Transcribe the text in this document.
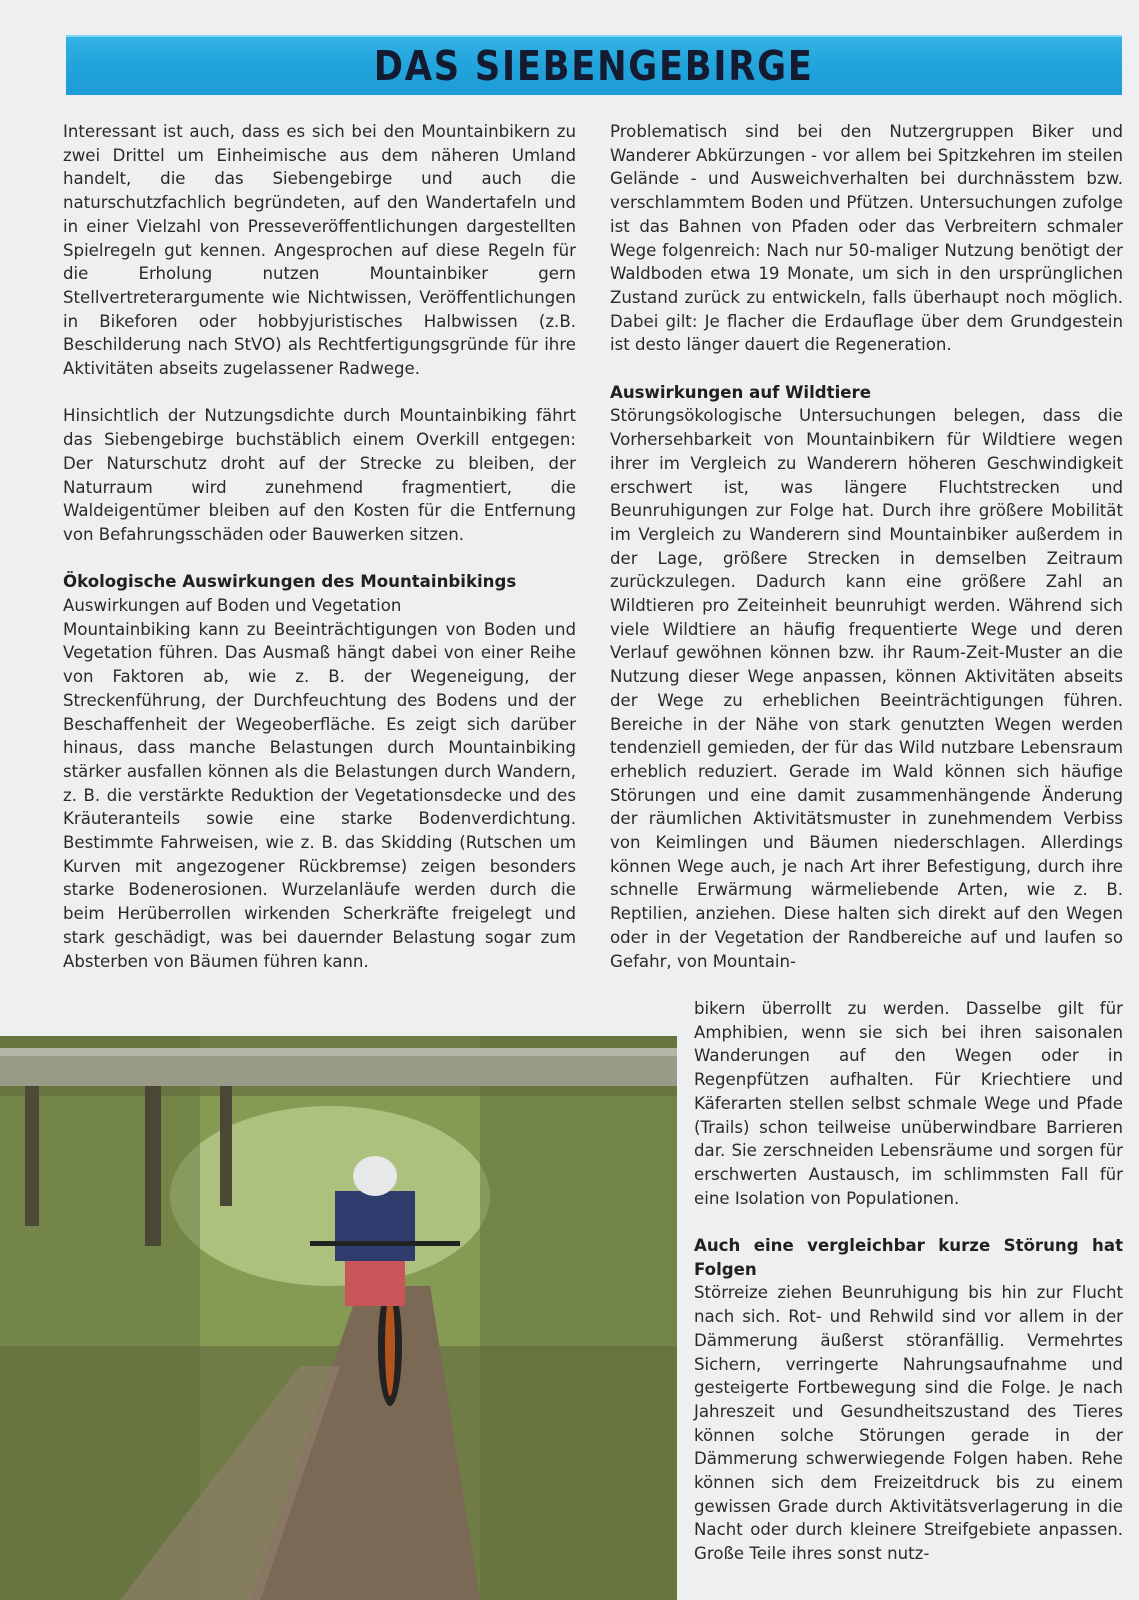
DAS SIEBENGEBIRGE

Interessant ist auch, dass es sich bei den Mountainbikern zu zwei Drittel um Einheimische aus dem näheren Umland handelt, die das Siebengebirge und auch die naturschutzfachlich begründeten, auf den Wandertafeln und in einer Vielzahl von Presseveröffentlichungen dargestellten Spielregeln gut kennen. Angesprochen auf diese Regeln für die Erholung nutzen Mountainbiker gern Stellvertreterargumente wie Nichtwissen, Veröffentlichungen in Bikeforen oder hobbyjuristisches Halbwissen (z.B. Beschilderung nach StVO) als Rechtfertigungsgründe für ihre Aktivitäten abseits zugelassener Radwege.

Hinsichtlich der Nutzungsdichte durch Mountainbiking fährt das Siebengebirge buchstäblich einem Overkill entgegen: Der Naturschutz droht auf der Strecke zu bleiben, der Naturraum wird zunehmend fragmentiert, die Waldeigentümer bleiben auf den Kosten für die Entfernung von Befahrungsschäden oder Bauwerken sitzen.

Ökologische Auswirkungen des Mountainbikings

Auswirkungen auf Boden und Vegetation

Mountainbiking kann zu Beeinträchtigungen von Boden und Vegetation führen. Das Ausmaß hängt dabei von einer Reihe von Faktoren ab, wie z. B. der Wegeneigung, der Streckenführung, der Durchfeuchtung des Bodens und der Beschaffenheit der Wegeoberfläche. Es zeigt sich darüber hinaus, dass manche Belastungen durch Mountainbiking stärker ausfallen können als die Belastungen durch Wandern, z. B. die verstärkte Reduktion der Vegetationsdecke und des Kräuteranteils sowie eine starke Bodenverdichtung. Bestimmte Fahrweisen, wie z. B. das Skidding (Rutschen um Kurven mit angezogener Rückbremse) zeigen besonders starke Bodenerosionen. Wurzelanläufe werden durch die beim Herüberrollen wirkenden Scherkräfte freigelegt und stark geschädigt, was bei dauernder Belastung sogar zum Absterben von Bäumen führen kann.

Problematisch sind bei den Nutzergruppen Biker und Wanderer Abkürzungen - vor allem bei Spitzkehren im steilen Gelände - und Ausweichverhalten bei durchnässtem bzw. verschlammtem Boden und Pfützen. Untersuchungen zufolge ist das Bahnen von Pfaden oder das Verbreitern schmaler Wege folgenreich: Nach nur 50-maliger Nutzung benötigt der Waldboden etwa 19 Monate, um sich in den ursprünglichen Zustand zurück zu entwickeln, falls überhaupt noch möglich. Dabei gilt: Je flacher die Erdauflage über dem Grundgestein ist desto länger dauert die Regeneration.

Auswirkungen auf Wildtiere

Störungsökologische Untersuchungen belegen, dass die Vorhersehbarkeit von Mountainbikern für Wildtiere wegen ihrer im Vergleich zu Wanderern höheren Geschwindigkeit erschwert ist, was längere Fluchtstrecken und Beunruhigungen zur Folge hat. Durch ihre größere Mobilität im Vergleich zu Wanderern sind Mountainbiker außerdem in der Lage, größere Strecken in demselben Zeitraum zurückzulegen. Dadurch kann eine größere Zahl an Wildtieren pro Zeiteinheit beunruhigt werden. Während sich viele Wildtiere an häufig frequentierte Wege und deren Verlauf gewöhnen können bzw. ihr Raum-Zeit-Muster an die Nutzung dieser Wege anpassen, können Aktivitäten abseits der Wege zu erheblichen Beeinträchtigungen führen. Bereiche in der Nähe von stark genutzten Wegen werden tendenziell gemieden, der für das Wild nutzbare Lebensraum erheblich reduziert. Gerade im Wald können sich häufige Störungen und eine damit zusammenhängende Änderung der räumlichen Aktivitätsmuster in zunehmendem Verbiss von Keimlingen und Bäumen niederschlagen. Allerdings können Wege auch, je nach Art ihrer Befestigung, durch ihre schnelle Erwärmung wärmeliebende Arten, wie z. B. Reptilien, anziehen. Diese halten sich direkt auf den Wegen oder in der Vegetation der Randbereiche auf und laufen so Gefahr, von Mountain-

bikern überrollt zu werden. Dasselbe gilt für Amphibien, wenn sie sich bei ihren saisonalen Wanderungen auf den Wegen oder in Regenpfützen aufhalten. Für Kriechtiere und Käferarten stellen selbst schmale Wege und Pfade (Trails) schon teilweise unüberwindbare Barrieren dar. Sie zerschneiden Lebensräume und sorgen für erschwerten Austausch, im schlimmsten Fall für eine Isolation von Populationen.

Auch eine vergleichbar kurze Störung hat Folgen

Störreize ziehen Beunruhigung bis hin zur Flucht nach sich. Rot- und Rehwild sind vor allem in der Dämmerung äußerst störanfällig. Vermehrtes Sichern, verringerte Nahrungsaufnahme und gesteigerte Fortbewegung sind die Folge. Je nach Jahreszeit und Gesundheitszustand des Tieres können solche Störungen gerade in der Dämmerung schwerwiegende Folgen haben. Rehe können sich dem Freizeitdruck bis zu einem gewissen Grade durch Aktivitätsverlagerung in die Nacht oder durch kleinere Streifgebiete anpassen. Große Teile ihres sonst nutz-
